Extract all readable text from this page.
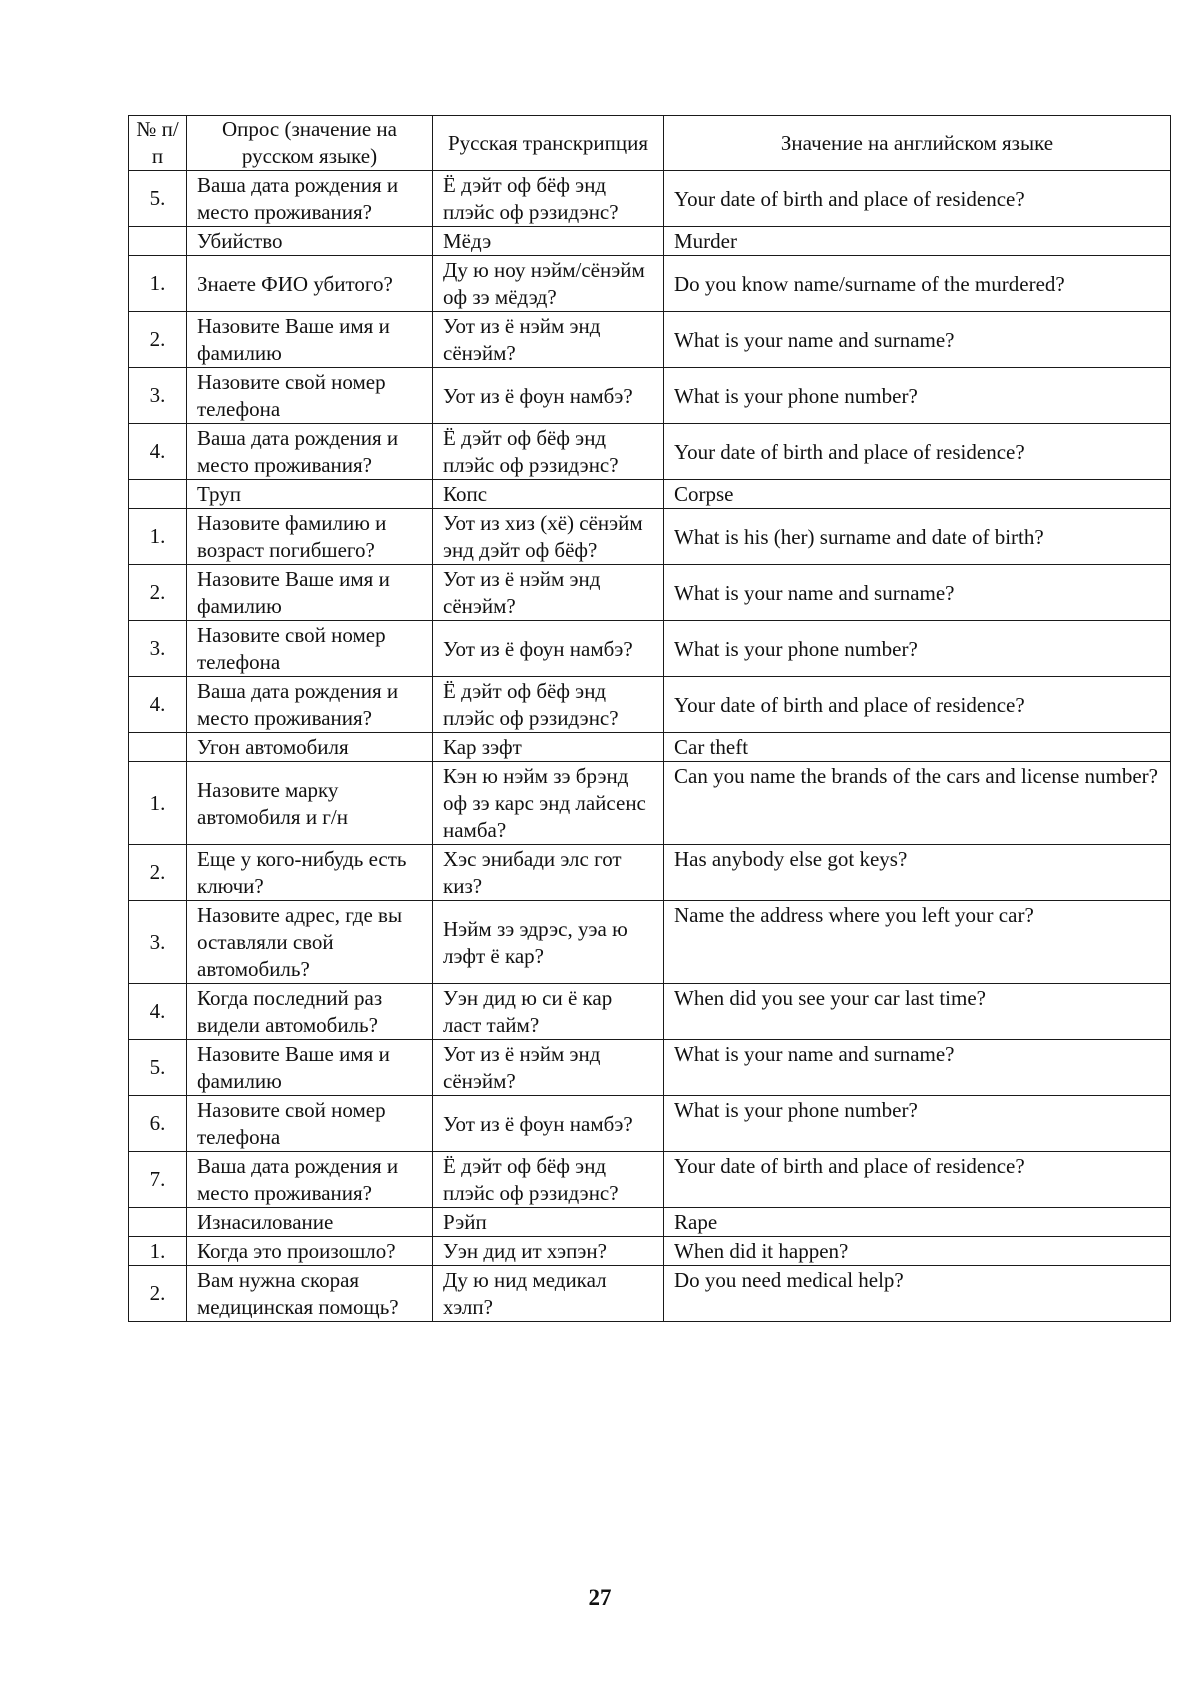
№ п/п	Опрос (значение на русском языке)	Русская транскрипция	Значение на английском языке
5.	Ваша дата рождения и место проживания?	Ё дэйт оф бёф энд плэйс оф рэзидэнс?	Your date of birth and place of residence?
	Убийство	Мёдэ	Murder
1.	Знаете ФИО убитого?	Ду ю ноу нэйм/сёнэйм оф зэ мёдэд?	Do you know name/surname of the murdered?
2.	Назовите Ваше имя и фамилию	Уот из ё нэйм энд сёнэйм?	What is your name and surname?
3.	Назовите свой номер телефона	Уот из ё фоун намбэ?	What is your phone number?
4.	Ваша дата рождения и место проживания?	Ё дэйт оф бёф энд плэйс оф рэзидэнс?	Your date of birth and place of residence?
	Труп	Копс	Corpse
1.	Назовите фамилию и возраст погибшего?	Уот из хиз (хё) сёнэйм энд дэйт оф бёф?	What is his (her) surname and date of birth?
2.	Назовите Ваше имя и фамилию	Уот из ё нэйм энд сёнэйм?	What is your name and surname?
3.	Назовите свой номер телефона	Уот из ё фоун намбэ?	What is your phone number?
4.	Ваша дата рождения и место проживания?	Ё дэйт оф бёф энд плэйс оф рэзидэнс?	Your date of birth and place of residence?
	Угон автомобиля	Кар зэфт	Car theft
1.	Назовите марку автомобиля и г/н	Кэн ю нэйм зэ брэнд оф зэ карс энд лайсенс намба?	Can you name the brands of the cars and license number?
2.	Еще у кого-нибудь есть ключи?	Хэс энибади элс гот киз?	Has anybody else got keys?
3.	Назовите адрес, где вы оставляли свой автомобиль?	Нэйм зэ эдрэс, уэа ю лэфт ё кар?	Name the address where you left your car?
4.	Когда последний раз видели автомобиль?	Уэн дид ю си ё кар ласт тайм?	When did you see your car last time?
5.	Назовите Ваше имя и фамилию	Уот из ё нэйм энд сёнэйм?	What is your name and surname?
6.	Назовите свой номер телефона	Уот из ё фоун намбэ?	What is your phone number?
7.	Ваша дата рождения и место проживания?	Ё дэйт оф бёф энд плэйс оф рэзидэнс?	Your date of birth and place of residence?
	Изнасилование	Рэйп	Rape
1.	Когда это произошло?	Уэн дид ит хэпэн?	When did it happen?
2.	Вам нужна скорая медицинская помощь?	Ду ю нид медикал хэлп?	Do you need medical help?
27
